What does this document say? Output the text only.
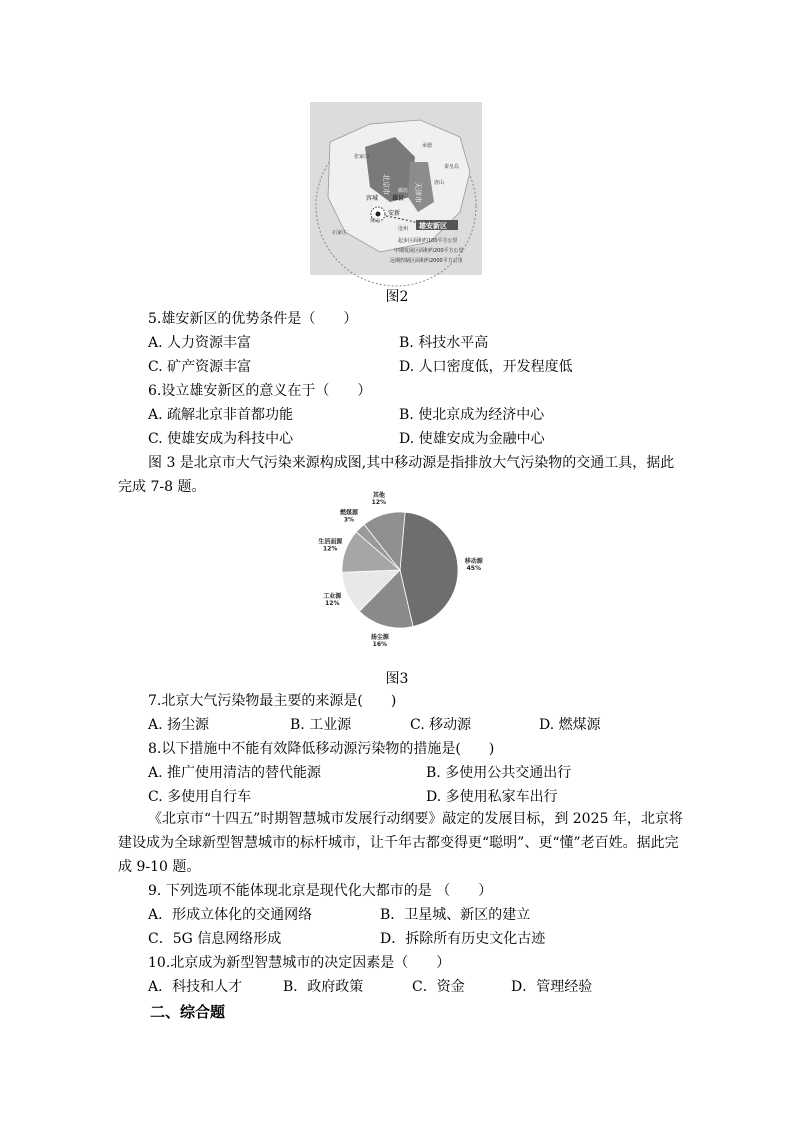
北京市	天津市
张家口
承德
唐山
秦皇岛
廊坊
容城 雄县
安新
保定
沧州
石家庄
雄安新区
起步区面积约100平方公里
中期发展区面积约200平方公里
远期控制区面积约2000平方公里
图2
5.雄安新区的优势条件是（　　）
A. 人力资源丰富	B. 科技水平高
C. 矿产资源丰富	D. 人口密度低，开发程度低
6.设立雄安新区的意义在于（　　）
A. 疏解北京非首都功能	B. 使北京成为经济中心
C. 使雄安成为科技中心	D. 使雄安成为金融中心
图 3 是北京市大气污染来源构成图,其中移动源是指排放大气污染物的交通工具，据此
完成 7-8 题。
移动源 45%
扬尘源 16%
工业源 12%
生活面源 12%
燃煤源 3%
其他 12%
图3
7.北京大气污染物最主要的来源是(　　)
A. 扬尘源	B. 工业源	C. 移动源	D. 燃煤源
8.以下措施中不能有效降低移动源污染物的措施是(　　)
A. 推广使用清洁的替代能源	B. 多使用公共交通出行
C. 多使用自行车	D. 多使用私家车出行
《北京市“十四五”时期智慧城市发展行动纲要》敲定的发展目标，到 2025 年，北京将
建设成为全球新型智慧城市的标杆城市，让千年古都变得更“聪明”、更“懂”老百姓。据此完
成 9-10 题。
9. 下列选项不能体现北京是现代化大都市的是 （　　）
A．形成立体化的交通网络	B．卫星城、新区的建立
C．5G 信息网络形成	D．拆除所有历史文化古迹
10.北京成为新型智慧城市的决定因素是（　　）
A．科技和人才	B．政府政策	C．资金	D．管理经验
二、综合题
